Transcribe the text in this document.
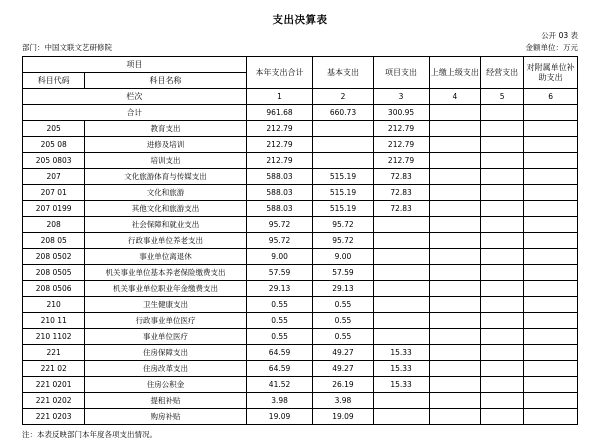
支出决算表
公开 03 表
部门：中国文联文艺研修院	金额单位：万元
项目		本年支出合计	基本支出	项目支出	上缴上级支出	经营支出	对附属单位补助支出
科目代码	科目名称						
栏次		1	2	3	4	5	6
合计		961.68	660.73	300.95			
205	教育支出	212.79		212.79			
205 08	进修及培训	212.79		212.79			
205 0803	培训支出	212.79		212.79			
207	文化旅游体育与传媒支出	588.03	515.19	72.83			
207 01	文化和旅游	588.03	515.19	72.83			
207 0199	其他文化和旅游支出	588.03	515.19	72.83			
208	社会保障和就业支出	95.72	95.72				
208 05	行政事业单位养老支出	95.72	95.72				
208 0502	事业单位离退休	9.00	9.00				
208 0505	机关事业单位基本养老保险缴费支出	57.59	57.59				
208 0506	机关事业单位职业年金缴费支出	29.13	29.13				
210	卫生健康支出	0.55	0.55				
210 11	行政事业单位医疗	0.55	0.55				
210 1102	事业单位医疗	0.55	0.55				
221	住房保障支出	64.59	49.27	15.33			
221 02	住房改革支出	64.59	49.27	15.33			
221 0201	住房公积金	41.52	26.19	15.33			
221 0202	提租补贴	3.98	3.98				
221 0203	购房补贴	19.09	19.09				
注：本表反映部门本年度各项支出情况。
